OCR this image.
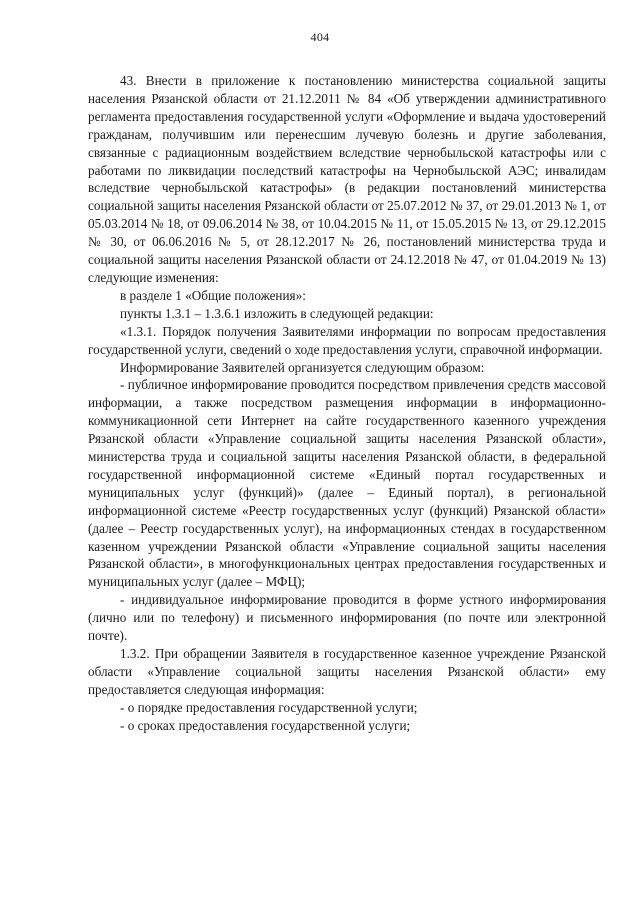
404

43. Внести в приложение к постановлению министерства социальной защиты населения Рязанской области от 21.12.2011 № 84 «Об утверждении административного регламента предоставления государственной услуги «Оформление и выдача удостоверений гражданам, получившим или перенесшим лучевую болезнь и другие заболевания, связанные с радиационным воздействием вследствие чернобыльской катастрофы или с работами по ликвидации последствий катастрофы на Чернобыльской АЭС; инвалидам вследствие чернобыльской катастрофы» (в редакции постановлений министерства социальной защиты населения Рязанской области от 25.07.2012 № 37, от 29.01.2013 № 1, от 05.03.2014 № 18, от 09.06.2014 № 38, от 10.04.2015 № 11, от 15.05.2015 № 13, от 29.12.2015 № 30, от 06.06.2016 № 5, от 28.12.2017 № 26, постановлений министерства труда и социальной защиты населения Рязанской области от 24.12.2018 № 47, от 01.04.2019 № 13) следующие изменения:

в разделе 1 «Общие положения»:

пункты 1.3.1 – 1.3.6.1 изложить в следующей редакции:

«1.3.1. Порядок получения Заявителями информации по вопросам предоставления государственной услуги, сведений о ходе предоставления услуги, справочной информации.

Информирование Заявителей организуется следующим образом:

- публичное информирование проводится посредством привлечения средств массовой информации, а также посредством размещения информации в информационно-коммуникационной сети Интернет на сайте государственного казенного учреждения Рязанской области «Управление социальной защиты населения Рязанской области», министерства труда и социальной защиты населения Рязанской области, в федеральной государственной информационной системе «Единый портал государственных и муниципальных услуг (функций)» (далее – Единый портал), в региональной информационной системе «Реестр государственных услуг (функций) Рязанской области» (далее – Реестр государственных услуг), на информационных стендах в государственном казенном учреждении Рязанской области «Управление социальной защиты населения Рязанской области», в многофункциональных центрах предоставления государственных и муниципальных услуг (далее – МФЦ);

- индивидуальное информирование проводится в форме устного информирования (лично или по телефону) и письменного информирования (по почте или электронной почте).

1.3.2. При обращении Заявителя в государственное казенное учреждение Рязанской области «Управление социальной защиты населения Рязанской области» ему предоставляется следующая информация:

- о порядке предоставления государственной услуги;

- о сроках предоставления государственной услуги;
